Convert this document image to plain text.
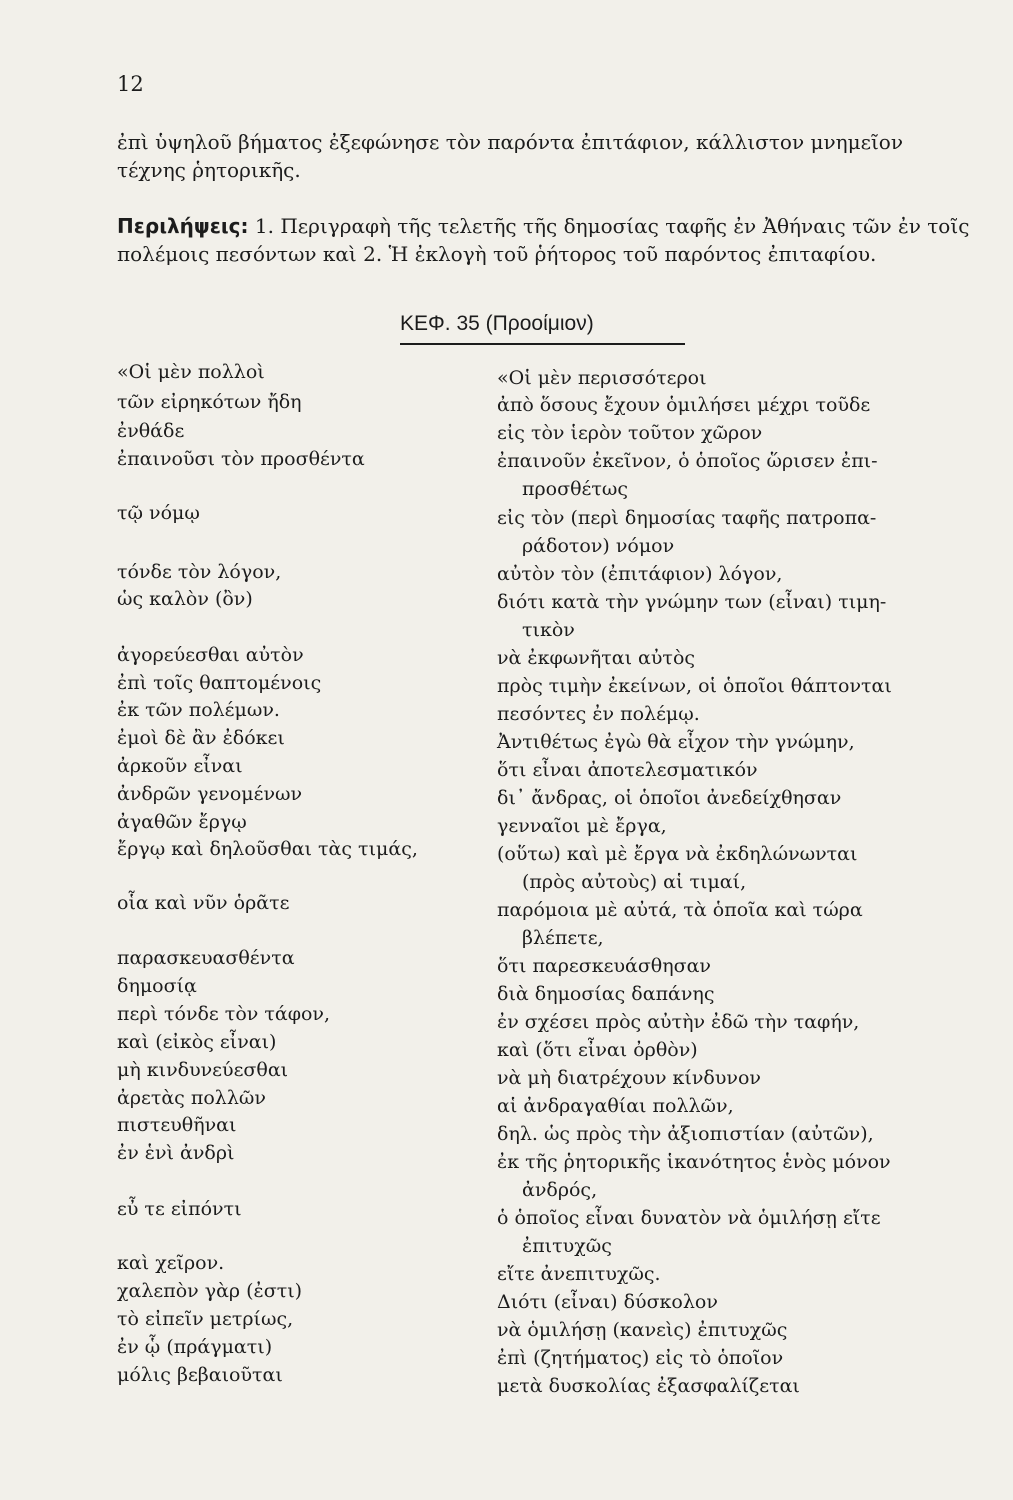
12
ἐπὶ ὑψηλοῦ βήματος ἐξεφώνησε τὸν παρόντα ἐπιτάφιον, κάλλιστον μνημεῖον τέχνης ῥητορικῆς.
Περιλήψεις: 1. Περιγραφὴ τῆς τελετῆς τῆς δημοσίας ταφῆς ἐν Ἀθήναις τῶν ἐν τοῖς πολέμοις πεσόντων καὶ 2. Ἡ ἐκλογὴ τοῦ ῥήτορος τοῦ παρόντος ἐπιταφίου.
ΚΕΦ. 35 (Προοίμιον)
«Οἱ μὲν πολλοὶ
τῶν εἰρηκότων ἤδη
ἐνθάδε
ἐπαινοῦσι τὸν προσθέντα
τῷ νόμῳ
τόνδε τὸν λόγον,
ὡς καλὸν (ὂν)
ἀγορεύεσθαι αὐτὸν
ἐπὶ τοῖς θαπτομένοις
ἐκ τῶν πολέμων.
ἐμοὶ δὲ ἂν ἐδόκει
ἀρκοῦν εἶναι
ἀνδρῶν γενομένων
ἀγαθῶν ἔργῳ
ἔργῳ καὶ δηλοῦσθαι τὰς τιμάς,
οἷα καὶ νῦν ὁρᾶτε
παρασκευασθέντα
δημοσίᾳ
περὶ τόνδε τὸν τάφον,
καὶ (εἰκὸς εἶναι)
μὴ κινδυνεύεσθαι
ἀρετὰς πολλῶν
πιστευθῆναι
ἐν ἑνὶ ἀνδρὶ
εὖ τε εἰπόντι
καὶ χεῖρον.
χαλεπὸν γὰρ (ἐστι)
τὸ εἰπεῖν μετρίως,
ἐν ᾧ (πράγματι)
μόλις βεβαιοῦται
«Οἱ μὲν περισσότεροι
ἀπὸ ὅσους ἔχουν ὁμιλήσει μέχρι τοῦδε
εἰς τὸν ἱερὸν τοῦτον χῶρον
ἐπαινοῦν ἐκεῖνον, ὁ ὁποῖος ὥρισεν ἐπι-
προσθέτως
εἰς τὸν (περὶ δημοσίας ταφῆς πατροπα-
ράδοτον) νόμον
αὐτὸν τὸν (ἐπιτάφιον) λόγον,
διότι κατὰ τὴν γνώμην των (εἶναι) τιμη-
τικὸν
νὰ ἐκφωνῆται αὐτὸς
πρὸς τιμὴν ἐκείνων, οἱ ὁποῖοι θάπτονται
πεσόντες ἐν πολέμῳ.
Ἀντιθέτως ἐγὼ θὰ εἶχον τὴν γνώμην,
ὅτι εἶναι ἀποτελεσματικόν
δι᾽ ἄνδρας, οἱ ὁποῖοι ἀνεδείχθησαν
γενναῖοι μὲ ἔργα,
(οὕτω) καὶ μὲ ἔργα νὰ ἐκδηλώνωνται
(πρὸς αὐτοὺς) αἱ τιμαί,
παρόμοια μὲ αὐτά, τὰ ὁποῖα καὶ τώρα
βλέπετε,
ὅτι παρεσκευάσθησαν
διὰ δημοσίας δαπάνης
ἐν σχέσει πρὸς αὐτὴν ἐδῶ τὴν ταφήν,
καὶ (ὅτι εἶναι ὀρθὸν)
νὰ μὴ διατρέχουν κίνδυνον
αἱ ἀνδραγαθίαι πολλῶν,
δηλ. ὡς πρὸς τὴν ἀξιοπιστίαν (αὐτῶν),
ἐκ τῆς ῥητορικῆς ἱκανότητος ἑνὸς μόνον
ἀνδρός,
ὁ ὁποῖος εἶναι δυνατὸν νὰ ὁμιλήσῃ εἴτε
ἐπιτυχῶς
εἴτε ἀνεπιτυχῶς.
Διότι (εἶναι) δύσκολον
νὰ ὁμιλήσῃ (κανεὶς) ἐπιτυχῶς
ἐπὶ (ζητήματος) εἰς τὸ ὁποῖον
μετὰ δυσκολίας ἐξασφαλίζεται
